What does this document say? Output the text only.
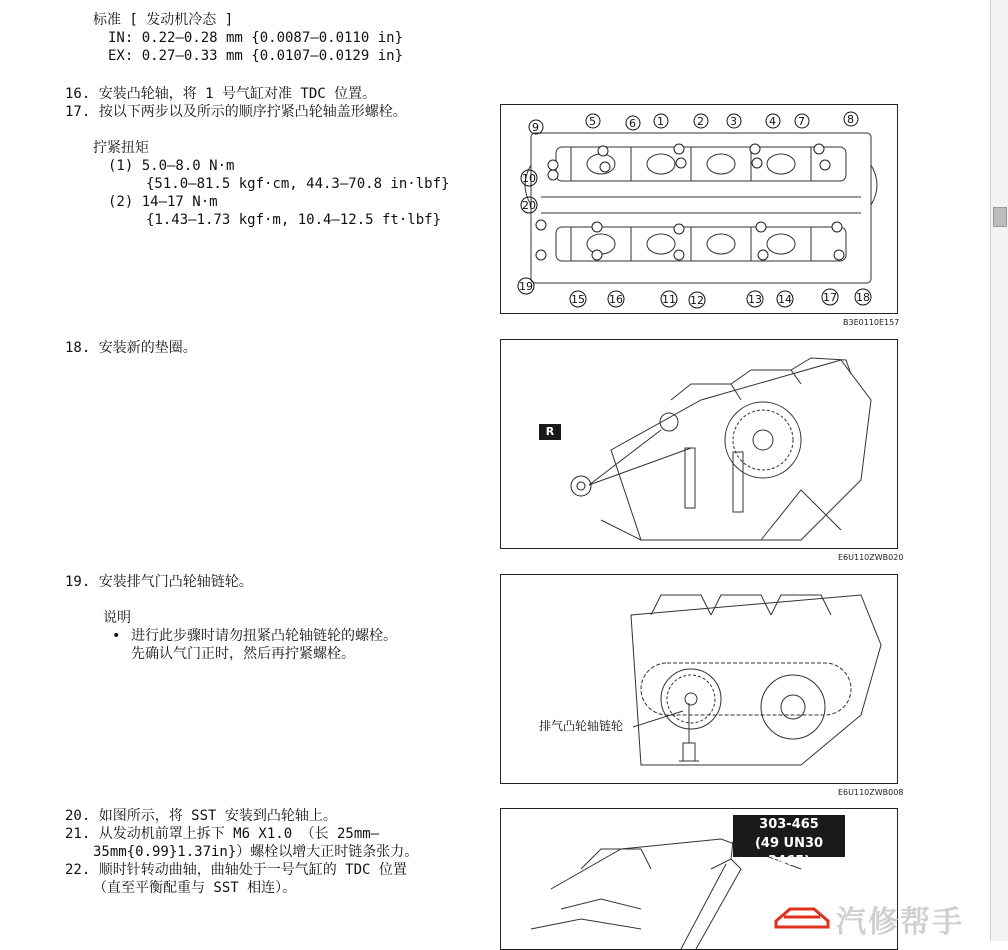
标准 [ 发动机冷态 ]
IN: 0.22—0.28 mm {0.0087—0.0110 in}
EX: 0.27—0.33 mm {0.0107—0.0129 in}
16. 安装凸轮轴，将 1 号气缸对准 TDC 位置。
17. 按以下两步以及所示的顺序拧紧凸轮轴盖形螺栓。
拧紧扭矩
(1) 5.0—8.0 N·m
{51.0—81.5 kgf·cm, 44.3—70.8 in·lbf}
(2) 14—17 N·m
{1.43—1.73 kgf·m, 10.4—12.5 ft·lbf}
18. 安装新的垫圈。
19. 安装排气门凸轮轴链轮。
说明
• 进行此步骤时请勿扭紧凸轮轴链轮的螺栓。
先确认气门正时，然后再拧紧螺栓。
20. 如图所示，将 SST 安装到凸轮轴上。
21. 从发动机前罩上拆下 M6 X1.0 （长 25mm—
35mm{0.99}1.37in}）螺栓以增大正时链条张力。
22. 顺时针转动曲轴，曲轴处于一号气缸的 TDC 位置
（直至平衡配重与 SST 相连）。
9	5	6 1	2 3	4 7	8
10
20
19
15 16	11 12	13 14	17 18
B3E0110E157
R
E6U110ZWB020
排气凸轮轴链轮
E6U110ZWB008
303-465
(49 UN30 3465)
汽修帮手
